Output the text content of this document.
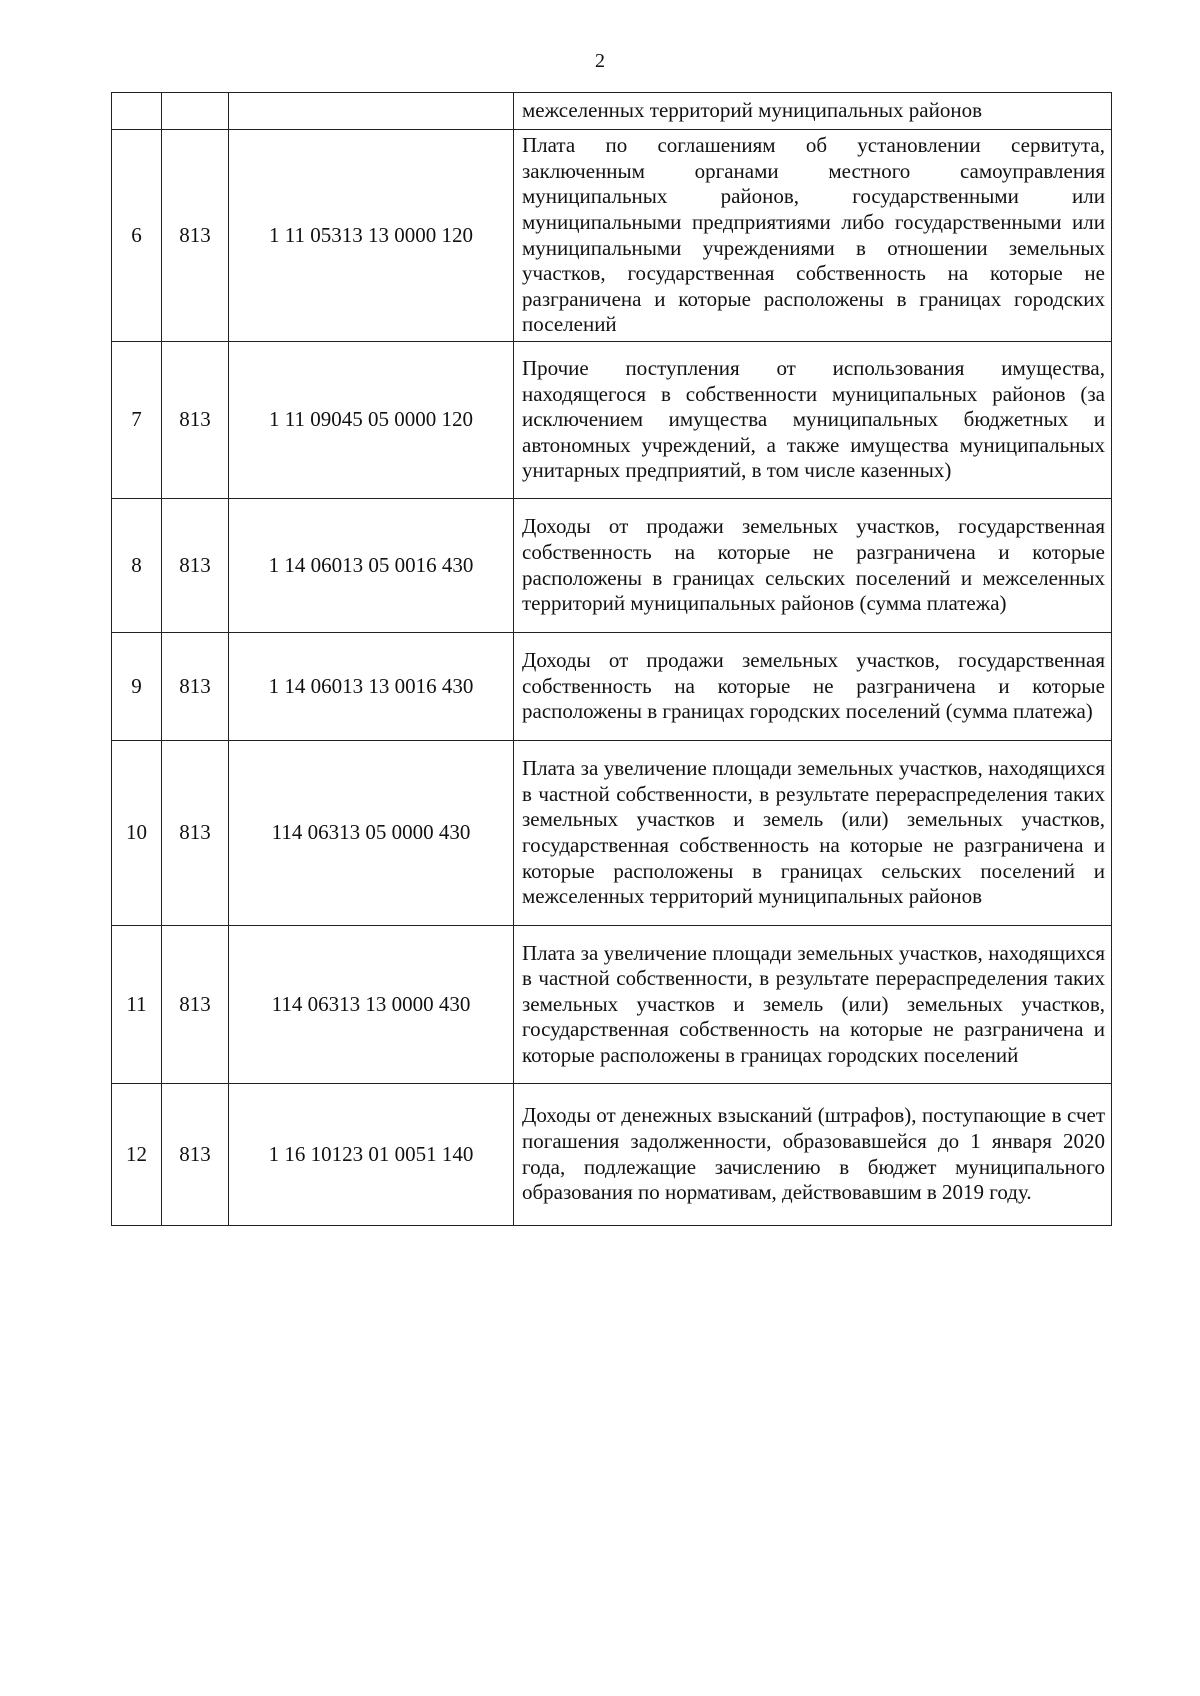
2

			межселенных территорий муниципальных районов

6	813	1 11 05313 13 0000 120	Плата по соглашениям об установлении сервитута, заключенным органами местного самоуправления муниципальных районов, государственными или муниципальными предприятиями либо государственными или муниципальными учреждениями в отношении земельных участков, государственная собственность на которые не разграничена и которые расположены в границах городских поселений

7	813	1 11 09045 05 0000 120	Прочие поступления от использования имущества, находящегося в собственности муниципальных районов (за исключением имущества муниципальных бюджетных и автономных учреждений, а также имущества муниципальных унитарных предприятий, в том числе казенных)

8	813	1 14 06013 05 0016 430	Доходы от продажи земельных участков, государственная собственность на которые не разграничена и которые расположены в границах сельских поселений и межселенных территорий муниципальных районов (сумма платежа)

9	813	1 14 06013 13 0016 430	Доходы от продажи земельных участков, государственная собственность на которые не разграничена и которые расположены в границах городских поселений (сумма платежа)

10	813	114 06313 05 0000 430	Плата за увеличение площади земельных участков, находящихся в частной собственности, в результате перераспределения таких земельных участков и земель (или) земельных участков, государственная собственность на которые не разграничена и которые расположены в границах сельских поселений и межселенных территорий муниципальных районов

11	813	114 06313 13 0000 430	Плата за увеличение площади земельных участков, находящихся в частной собственности, в результате перераспределения таких земельных участков и земель (или) земельных участков, государственная собственность на которые не разграничена и которые расположены в границах городских поселений

12	813	1 16 10123 01 0051 140	Доходы от денежных взысканий (штрафов), поступающие в счет погашения задолженности, образовавшейся до 1 января 2020 года, подлежащие зачислению в бюджет муниципального образования по нормативам, действовавшим в 2019 году.
